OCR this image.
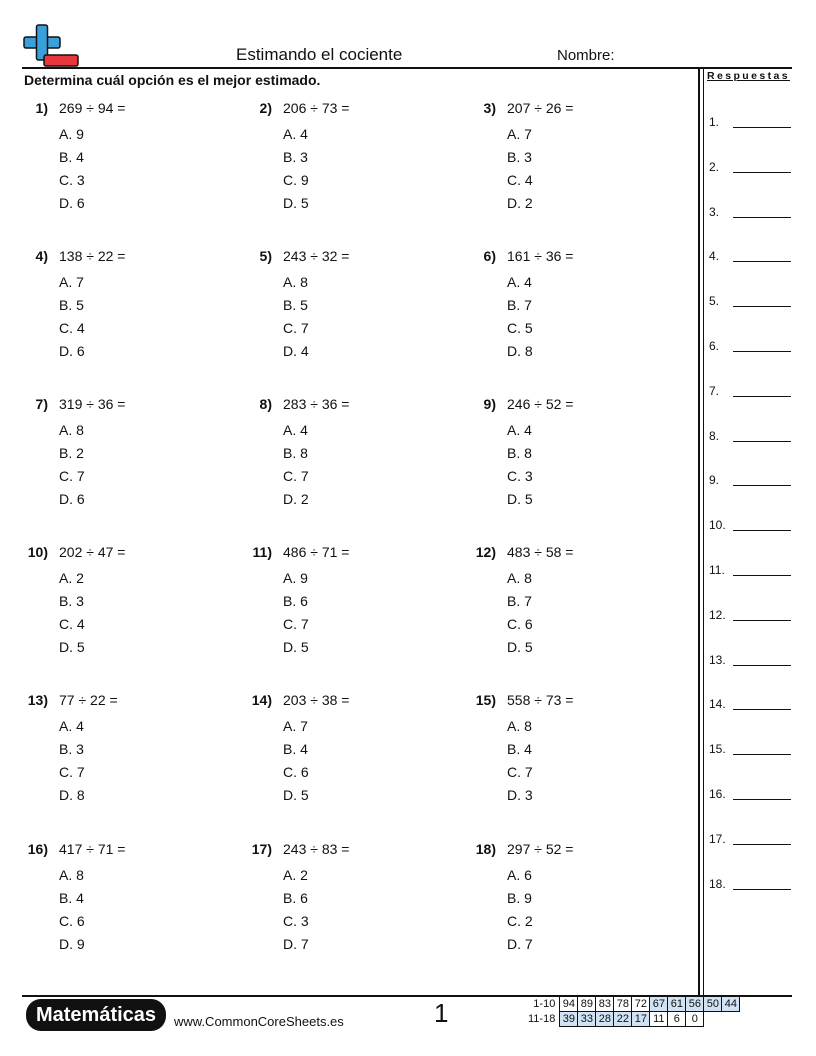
Estimando el cociente	Nombre:
Determina cuál opción es el mejor estimado.	Respuestas
1.
2.
3.
4.
5.
6.
7.
8.
9.
10.
11.
12.
13.
14.
15.
16.
17.
18.
1) 269 ÷ 94 =
A. 9
B. 4
C. 3
D. 6
2) 206 ÷ 73 =
A. 4
B. 3
C. 9
D. 5
3) 207 ÷ 26 =
A. 7
B. 3
C. 4
D. 2
4) 138 ÷ 22 =
A. 7
B. 5
C. 4
D. 6
5) 243 ÷ 32 =
A. 8
B. 5
C. 7
D. 4
6) 161 ÷ 36 =
A. 4
B. 7
C. 5
D. 8
7) 319 ÷ 36 =
A. 8
B. 2
C. 7
D. 6
8) 283 ÷ 36 =
A. 4
B. 8
C. 7
D. 2
9) 246 ÷ 52 =
A. 4
B. 8
C. 3
D. 5
10) 202 ÷ 47 =
A. 2
B. 3
C. 4
D. 5
11) 486 ÷ 71 =
A. 9
B. 6
C. 7
D. 5
12) 483 ÷ 58 =
A. 8
B. 7
C. 6
D. 5
13) 77 ÷ 22 =
A. 4
B. 3
C. 7
D. 8
14) 203 ÷ 38 =
A. 7
B. 4
C. 6
D. 5
15) 558 ÷ 73 =
A. 8
B. 4
C. 7
D. 3
16) 417 ÷ 71 =
A. 8
B. 4
C. 6
D. 9
17) 243 ÷ 83 =
A. 2
B. 6
C. 3
D. 7
18) 297 ÷ 52 =
A. 6
B. 9
C. 2
D. 7
Matemáticas	www.CommonCoreSheets.es	1	1-10	94	89	83	78	72	67	61	56	50	44
11-18	39	33	28	22	17	11	6	0		
